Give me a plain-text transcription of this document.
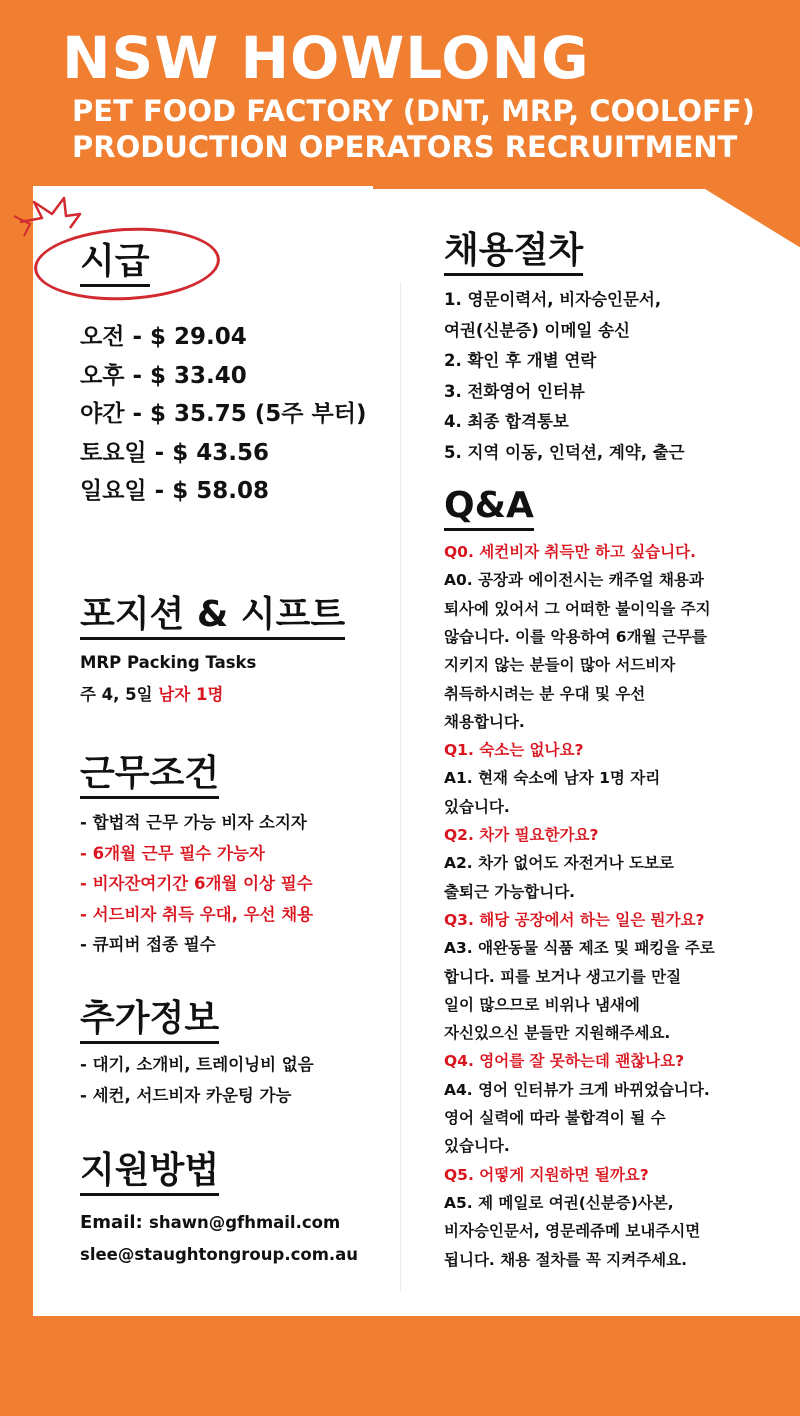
NSW HOWLONG
PET FOOD FACTORY (DNT, MRP, COOLOFF)
PRODUCTION OPERATORS RECRUITMENT
시급
오전 - $ 29.04
오후 - $ 33.40
야간 - $ 35.75 (5주 부터)
토요일 - $ 43.56
일요일 - $ 58.08
포지션 & 시프트
MRP Packing Tasks
주 4, 5일 남자 1명
근무조건
- 합법적 근무 가능 비자 소지자
- 6개월 근무 필수 가능자
- 비자잔여기간 6개월 이상 필수
- 서드비자 취득 우대, 우선 채용
- 큐피버 접종 필수
추가정보
- 대기, 소개비, 트레이닝비 없음
- 세컨, 서드비자 카운팅 가능
지원방법
Email: shawn@gfhmail.com
slee@staughtongroup.com.au
채용절차
1. 영문이력서, 비자승인문서,
여권(신분증) 이메일 송신
2. 확인 후 개별 연락
3. 전화영어 인터뷰
4. 최종 합격통보
5. 지역 이동, 인덕션, 계약, 출근
Q&A
Q0. 세컨비자 취득만 하고 싶습니다.
A0. 공장과 에이전시는 캐주얼 채용과
퇴사에 있어서 그 어떠한 불이익을 주지
않습니다. 이를 악용하여 6개월 근무를
지키지 않는 분들이 많아 서드비자
취득하시려는 분 우대 및 우선
채용합니다.
Q1. 숙소는 없나요?
A1. 현재 숙소에 남자 1명 자리
있습니다.
Q2. 차가 필요한가요?
A2. 차가 없어도 자전거나 도보로
출퇴근 가능합니다.
Q3. 해당 공장에서 하는 일은 뭔가요?
A3. 애완동물 식품 제조 및 패킹을 주로
합니다. 피를 보거나 생고기를 만질
일이 많으므로 비위나 냄새에
자신있으신 분들만 지원해주세요.
Q4. 영어를 잘 못하는데 괜찮나요?
A4. 영어 인터뷰가 크게 바뀌었습니다.
영어 실력에 따라 불합격이 될 수
있습니다.
Q5. 어떻게 지원하면 될까요?
A5. 제 메일로 여권(신분증)사본,
비자승인문서, 영문레쥬메 보내주시면
됩니다. 채용 절차를 꼭 지켜주세요.
